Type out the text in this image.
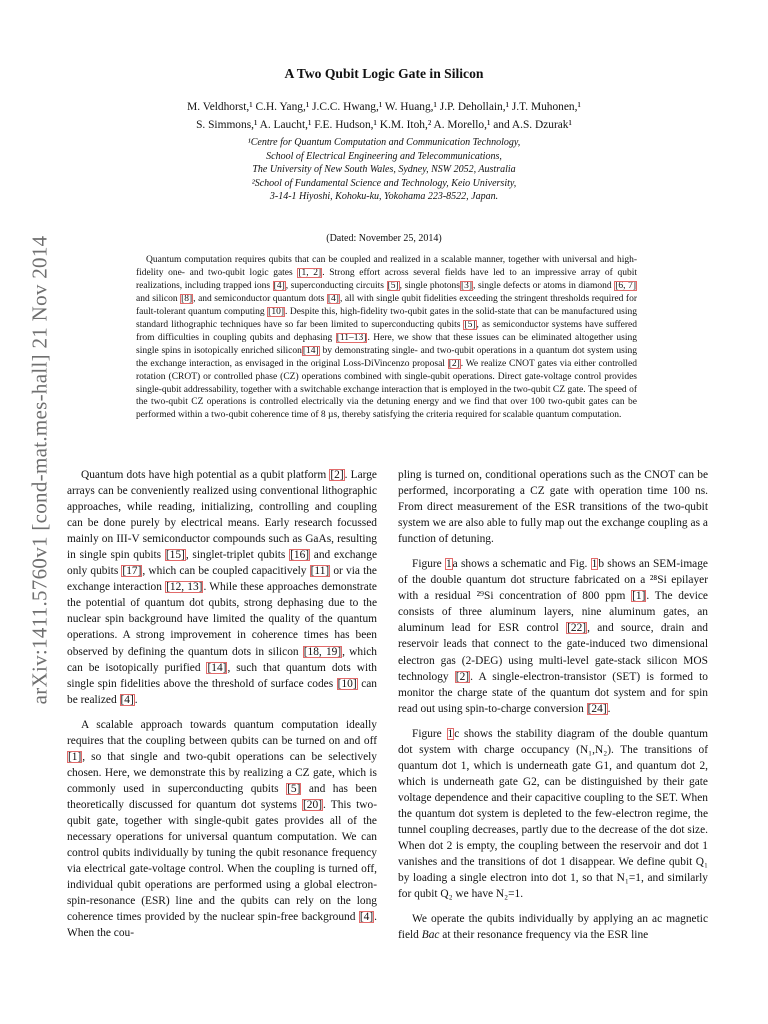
arXiv:1411.5760v1 [cond-mat.mes-hall] 21 Nov 2014
A Two Qubit Logic Gate in Silicon
M. Veldhorst,¹ C.H. Yang,¹ J.C.C. Hwang,¹ W. Huang,¹ J.P. Dehollain,¹ J.T. Muhonen,¹
S. Simmons,¹ A. Laucht,¹ F.E. Hudson,¹ K.M. Itoh,² A. Morello,¹ and A.S. Dzurak¹
¹Centre for Quantum Computation and Communication Technology,
School of Electrical Engineering and Telecommunications,
The University of New South Wales, Sydney, NSW 2052, Australia
²School of Fundamental Science and Technology, Keio University,
3-14-1 Hiyoshi, Kohoku-ku, Yokohama 223-8522, Japan.
(Dated: November 25, 2014)

Quantum computation requires qubits that can be coupled and realized in a scalable manner, together with universal and high-fidelity one- and two-qubit logic gates [1, 2]. Strong effort across several fields have led to an impressive array of qubit realizations, including trapped ions [4], superconducting circuits [5], single photons[3], single defects or atoms in diamond [6, 7] and silicon [8], and semiconductor quantum dots [4], all with single qubit fidelities exceeding the stringent thresholds required for fault-tolerant quantum computing [10]. Despite this, high-fidelity two-qubit gates in the solid-state that can be manufactured using standard lithographic techniques have so far been limited to superconducting qubits [5], as semiconductor systems have suffered from difficulties in coupling qubits and dephasing [11–13]. Here, we show that these issues can be eliminated altogether using single spins in isotopically enriched silicon[14] by demonstrating single- and two-qubit operations in a quantum dot system using the exchange interaction, as envisaged in the original Loss-DiVincenzo proposal [2]. We realize CNOT gates via either controlled rotation (CROT) or controlled phase (CZ) operations combined with single-qubit operations. Direct gate-voltage control provides single-qubit addressability, together with a switchable exchange interaction that is employed in the two-qubit CZ gate. The speed of the two-qubit CZ operations is controlled electrically via the detuning energy and we find that over 100 two-qubit gates can be performed within a two-qubit coherence time of 8 µs, thereby satisfying the criteria required for scalable quantum computation.

Quantum dots have high potential as a qubit platform [2]. Large arrays can be conveniently realized using conventional lithographic approaches, while reading, initializing, controlling and coupling can be done purely by electrical means. Early research focussed mainly on III-V semiconductor compounds such as GaAs, resulting in single spin qubits [15], singlet-triplet qubits [16] and exchange only qubits [17], which can be coupled capacitively [11] or via the exchange interaction [12, 13]. While these approaches demonstrate the potential of quantum dot qubits, strong dephasing due to the nuclear spin background have limited the quality of the quantum operations. A strong improvement in coherence times has been observed by defining the quantum dots in silicon [18, 19], which can be isotopically purified [14], such that quantum dots with single spin fidelities above the threshold of surface codes [10] can be realized [4].

A scalable approach towards quantum computation ideally requires that the coupling between qubits can be turned on and off [1], so that single and two-qubit operations can be selectively chosen. Here, we demonstrate this by realizing a CZ gate, which is commonly used in superconducting qubits [5] and has been theoretically discussed for quantum dot systems [20]. This two-qubit gate, together with single-qubit gates provides all of the necessary operations for universal quantum computation. We can control qubits individually by tuning the qubit resonance frequency via electrical gate-voltage control. When the coupling is turned off, individual qubit operations are performed using a global electron-spin-resonance (ESR) line and the qubits can rely on the long coherence times provided by the nuclear spin-free background [4]. When the cou-

pling is turned on, conditional operations such as the CNOT can be performed, incorporating a CZ gate with operation time 100 ns. From direct measurement of the ESR transitions of the two-qubit system we are also able to fully map out the exchange coupling as a function of detuning.

Figure 1a shows a schematic and Fig. 1b shows an SEM-image of the double quantum dot structure fabricated on a ²⁸Si epilayer with a residual ²⁹Si concentration of 800 ppm [1]. The device consists of three aluminum layers, nine aluminum gates, an aluminum lead for ESR control [22], and source, drain and reservoir leads that connect to the gate-induced two dimensional electron gas (2-DEG) using multi-level gate-stack silicon MOS technology [2]. A single-electron-transistor (SET) is formed to monitor the charge state of the quantum dot system and for spin read out using spin-to-charge conversion [24].

Figure 1c shows the stability diagram of the double quantum dot system with charge occupancy (N₁,N₂). The transitions of quantum dot 1, which is underneath gate G1, and quantum dot 2, which is underneath gate G2, can be distinguished by their gate voltage dependence and their capacitive coupling to the SET. When the quantum dot system is depleted to the few-electron regime, the tunnel coupling decreases, partly due to the decrease of the dot size. When dot 2 is empty, the coupling between the reservoir and dot 1 vanishes and the transitions of dot 1 disappear. We define qubit Q₁ by loading a single electron into dot 1, so that N₁=1, and similarly for qubit Q₂ we have N₂=1.

We operate the qubits individually by applying an ac magnetic field Bac at their resonance frequency via the ESR line
